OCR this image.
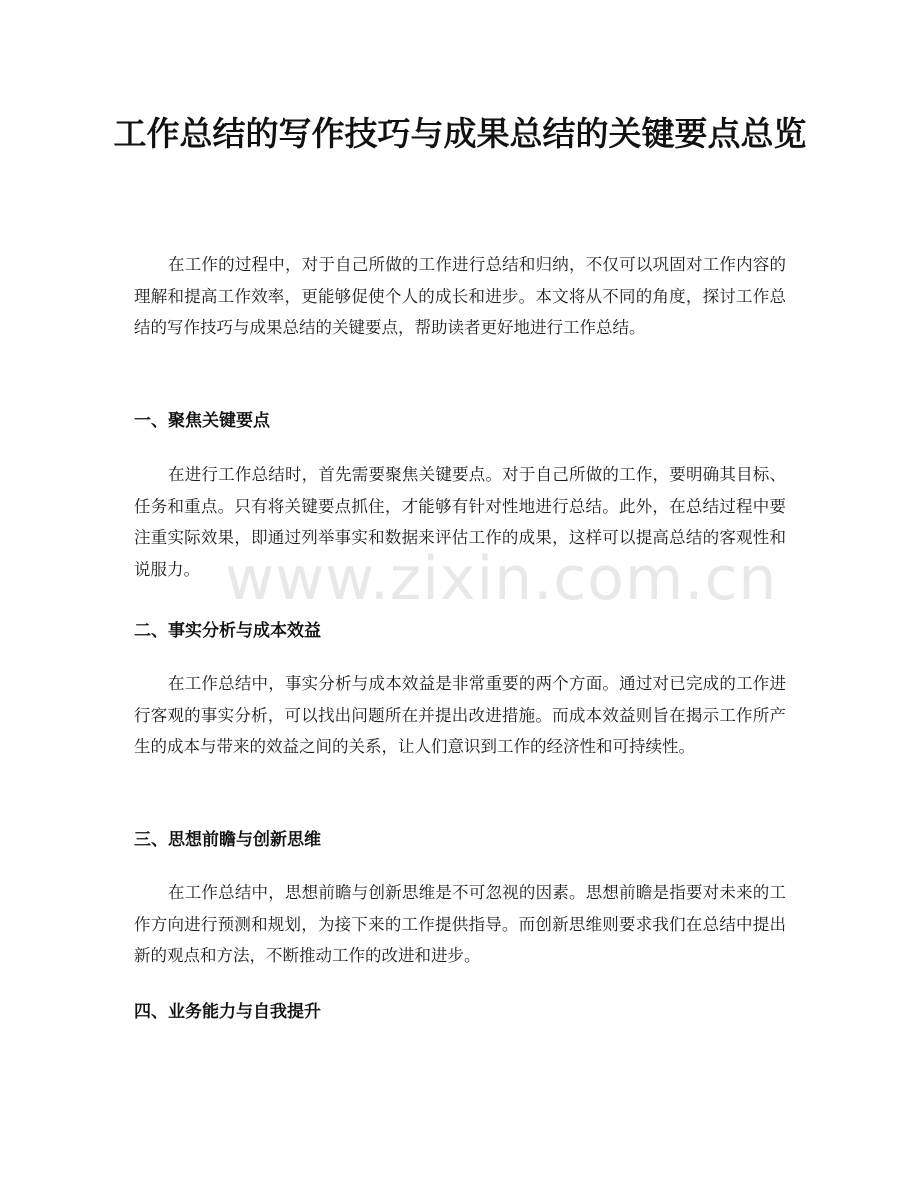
工作总结的写作技巧与成果总结的关键要点总览

在工作的过程中，对于自己所做的工作进行总结和归纳，不仅可以巩固对工作内容的理解和提高工作效率，更能够促使个人的成长和进步。本文将从不同的角度，探讨工作总结的写作技巧与成果总结的关键要点，帮助读者更好地进行工作总结。

一、聚焦关键要点

在进行工作总结时，首先需要聚焦关键要点。对于自己所做的工作，要明确其目标、任务和重点。只有将关键要点抓住，才能够有针对性地进行总结。此外，在总结过程中要注重实际效果，即通过列举事实和数据来评估工作的成果，这样可以提高总结的客观性和说服力。

二、事实分析与成本效益

在工作总结中，事实分析与成本效益是非常重要的两个方面。通过对已完成的工作进行客观的事实分析，可以找出问题所在并提出改进措施。而成本效益则旨在揭示工作所产生的成本与带来的效益之间的关系，让人们意识到工作的经济性和可持续性。

三、思想前瞻与创新思维

在工作总结中，思想前瞻与创新思维是不可忽视的因素。思想前瞻是指要对未来的工作方向进行预测和规划，为接下来的工作提供指导。而创新思维则要求我们在总结中提出新的观点和方法，不断推动工作的改进和进步。

四、业务能力与自我提升
www.zixin.com.cn
